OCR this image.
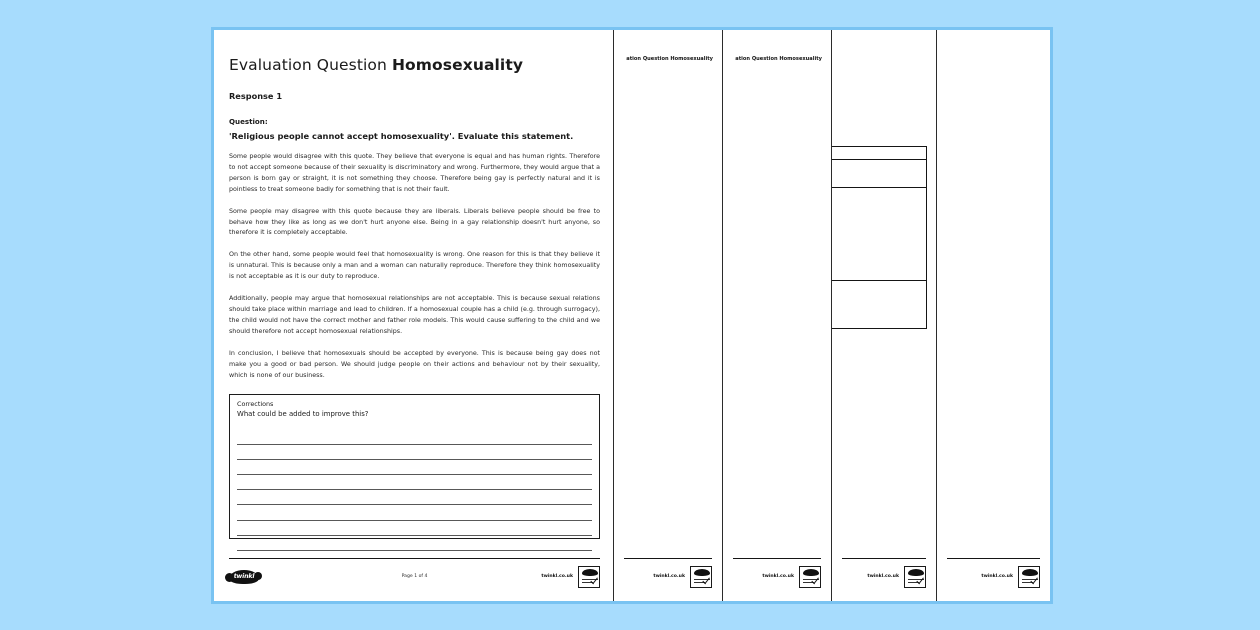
Evaluation Question Homosexuality
Response 1
Question:
'Religious people cannot accept homosexuality'. Evaluate this statement.
Some people would disagree with this quote. They believe that everyone is equal and has human rights. Therefore to not accept someone because of their sexuality is discriminatory and wrong. Furthermore, they would argue that a person is born gay or straight, it is not something they choose. Therefore being gay is perfectly natural and it is pointless to treat someone badly for something that is not their fault.
Some people may disagree with this quote because they are liberals. Liberals believe people should be free to behave how they like as long as we don't hurt anyone else. Being in a gay relationship doesn't hurt anyone, so therefore it is completely acceptable.
On the other hand, some people would feel that homosexuality is wrong. One reason for this is that they believe it is unnatural. This is because only a man and a woman can naturally reproduce. Therefore they think homosexuality is not acceptable as it is our duty to reproduce.
Additionally, people may argue that homosexual relationships are not acceptable. This is because sexual relations should take place within marriage and lead to children. If a homosexual couple has a child (e.g. through surrogacy), the child would not have the correct mother and father role models. This would cause suffering to the child and we should therefore not accept homosexual relationships.
In conclusion, I believe that homosexuals should be accepted by everyone. This is because being gay does not make you a good or bad person. We should judge people on their actions and behaviour not by their sexuality, which is none of our business.
Corrections
What could be added to improve this?
twinkl	Page 1 of 4	twinkl.co.uk
ation Question Homosexuality
twinkl.co.uk
ation Question Homosexuality
twinkl.co.uk

	twinkl.co.uk	twinkl.co.uk
